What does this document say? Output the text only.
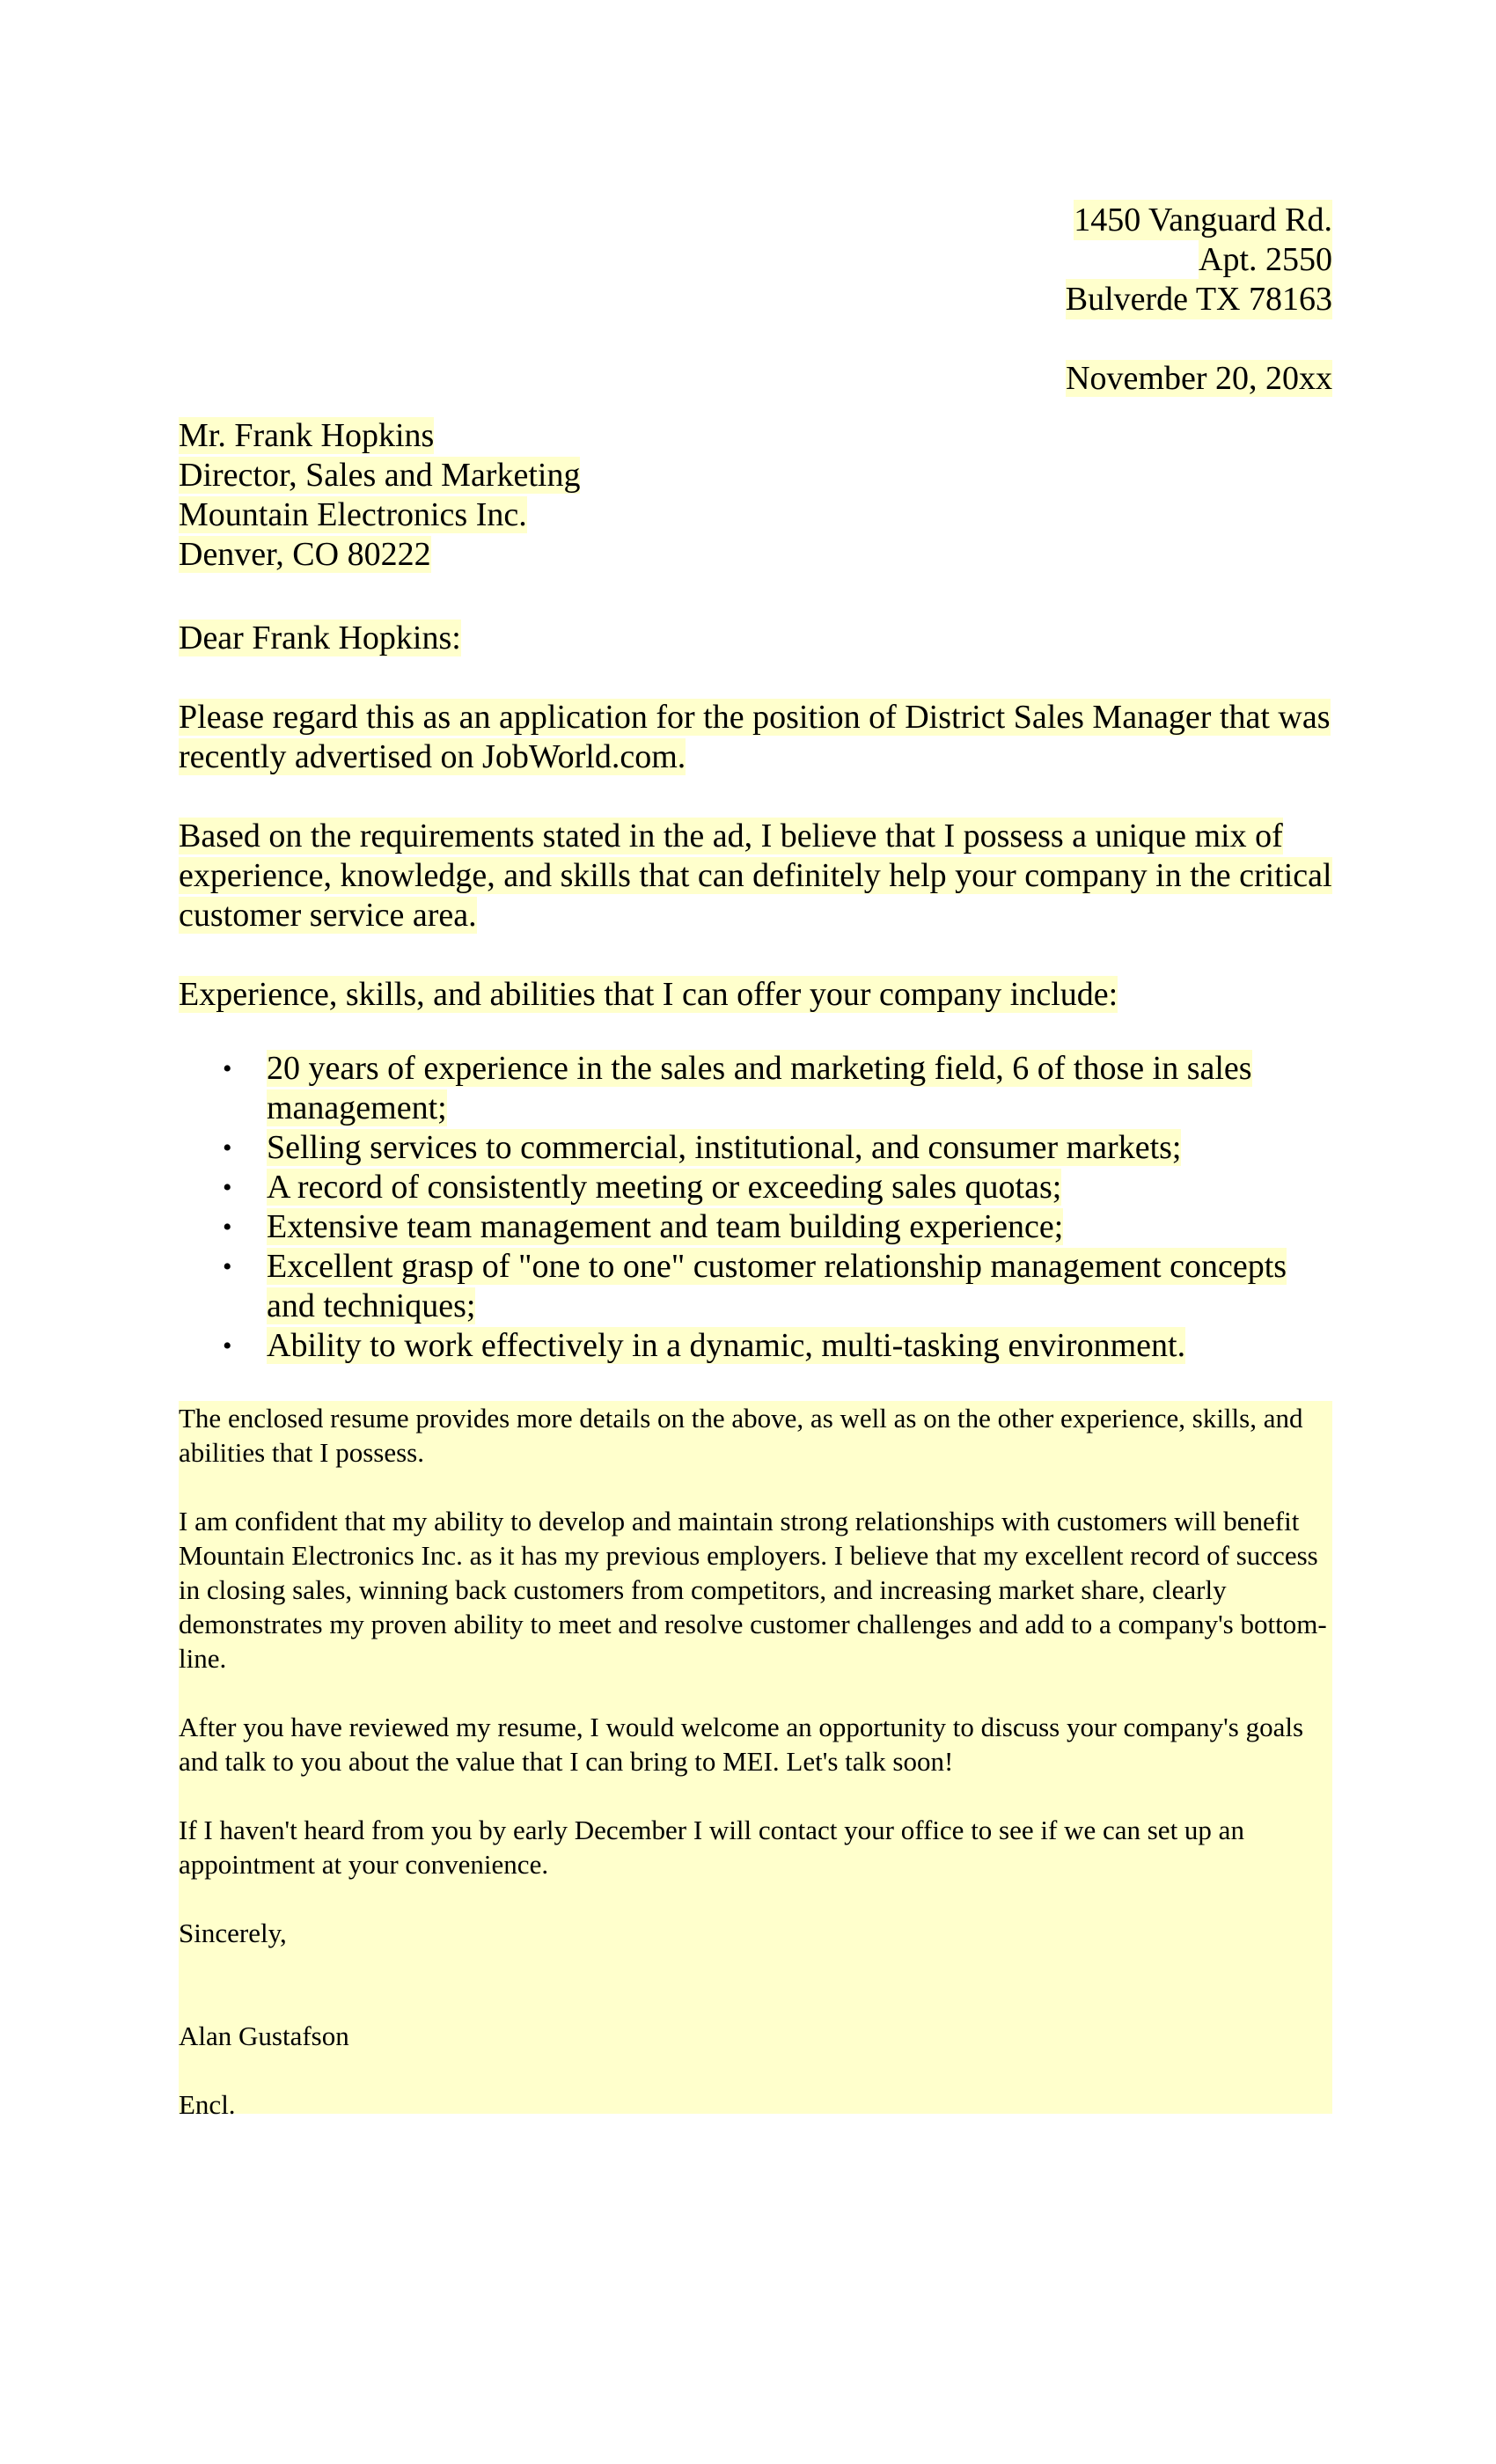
1450 Vanguard Rd.
Apt. 2550
Bulverde TX 78163
November 20, 20xx
Mr. Frank Hopkins
Director, Sales and Marketing
Mountain Electronics Inc.
Denver, CO 80222
Dear Frank Hopkins:
Please regard this as an application for the position of District Sales Manager that was recently advertised on JobWorld.com.
Based on the requirements stated in the ad, I believe that I possess a unique mix of experience, knowledge, and skills that can definitely help your company in the critical customer service area.
Experience, skills, and abilities that I can offer your company include:
• 20 years of experience in the sales and marketing field, 6 of those in sales management;
• Selling services to commercial, institutional, and consumer markets;
• A record of consistently meeting or exceeding sales quotas;
• Extensive team management and team building experience;
• Excellent grasp of "one to one" customer relationship management concepts and techniques;
• Ability to work effectively in a dynamic, multi-tasking environment.

The enclosed resume provides more details on the above, as well as on the other experience, skills, and abilities that I possess.

I am confident that my ability to develop and maintain strong relationships with customers will benefit Mountain Electronics Inc. as it has my previous employers. I believe that my excellent record of success in closing sales, winning back customers from competitors, and increasing market share, clearly demonstrates my proven ability to meet and resolve customer challenges and add to a company's bottom-line.

After you have reviewed my resume, I would welcome an opportunity to discuss your company's goals and talk to you about the value that I can bring to MEI. Let's talk soon!

If I haven't heard from you by early December I will contact your office to see if we can set up an appointment at your convenience.

Sincerely,

Alan Gustafson

Encl.
